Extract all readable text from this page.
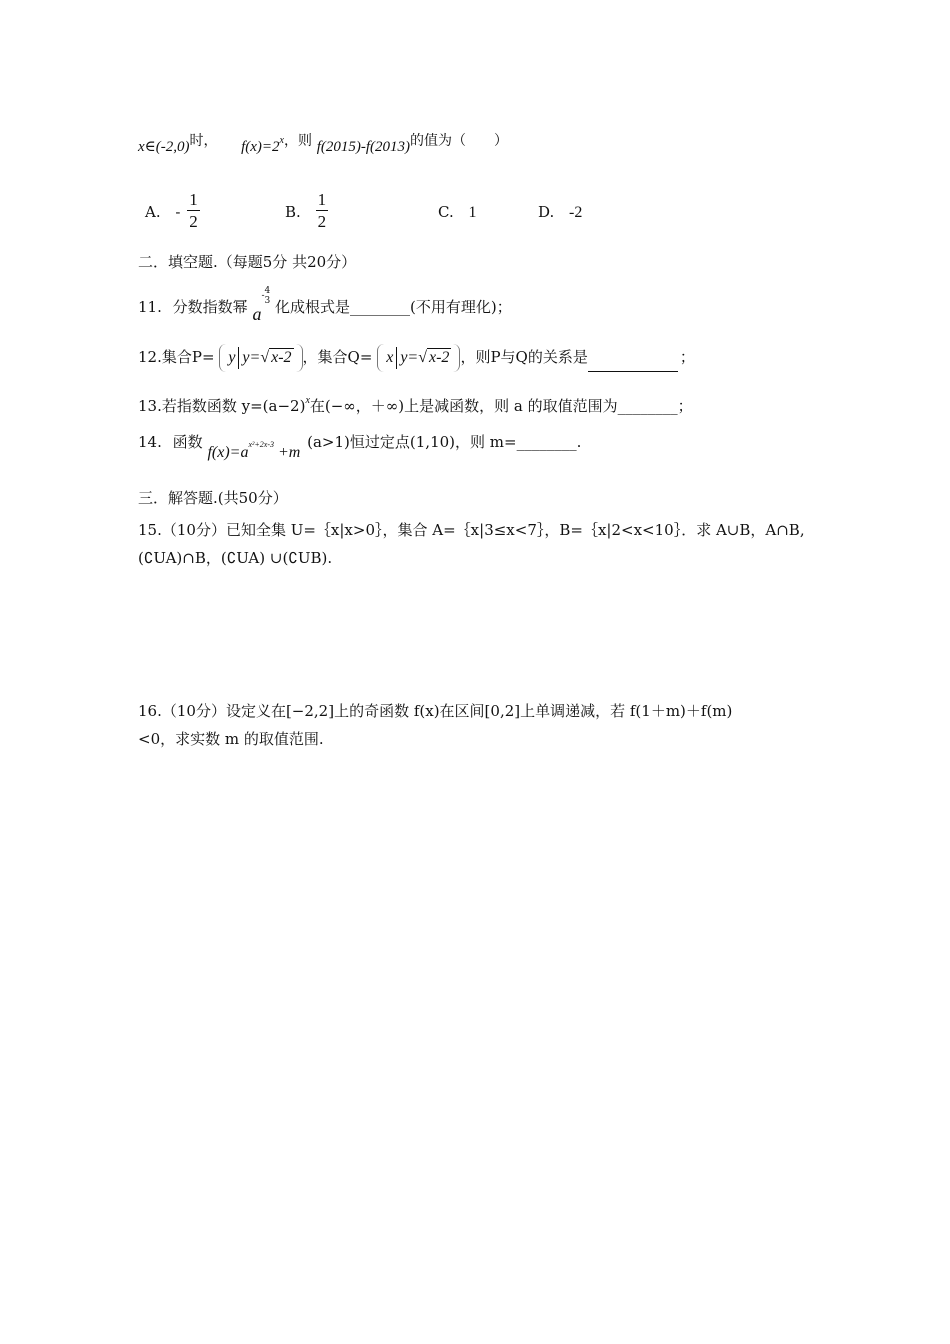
x∈(-2,0)时， $f(x)=2^x$，则 f(2015)-f(2013)的值为（　　）
A. - $\frac{1}{2}$	B. $\frac{1}{2}$	C. 1	D. -2
二．填空题.（每题5分 共20分）
11. 分数指数幂 a- 4
3 化成根式是________(不用有理化)；
12.集合P= y y=√ x-2 ，集合Q= x y=√ x-2 ，则P与Q的关系是	；
13.若指数函数 $y=(a-2)^x$在(−∞，＋∞)上是减函数，则 a 的取值范围为________；
14. 函数 $f(x)=a^{x^2+2x-3} +m$ (a>1)恒过定点(1,10)，则 m=________.
三．解答题.(共50分）
15.（10分）已知全集 U=｛x|x>0｝，集合 A=｛x|3≤x<7｝，B=｛x|2<x<10｝．求 A∪B，A∩B,
(∁UA)∩B，(∁UA) ∪(∁UB).
16.（10分）设定义在[−2,2]上的奇函数 f(x)在区间[0,2]上单调递减，若 f(1＋m)＋f(m)
<0，求实数 m 的取值范围.
